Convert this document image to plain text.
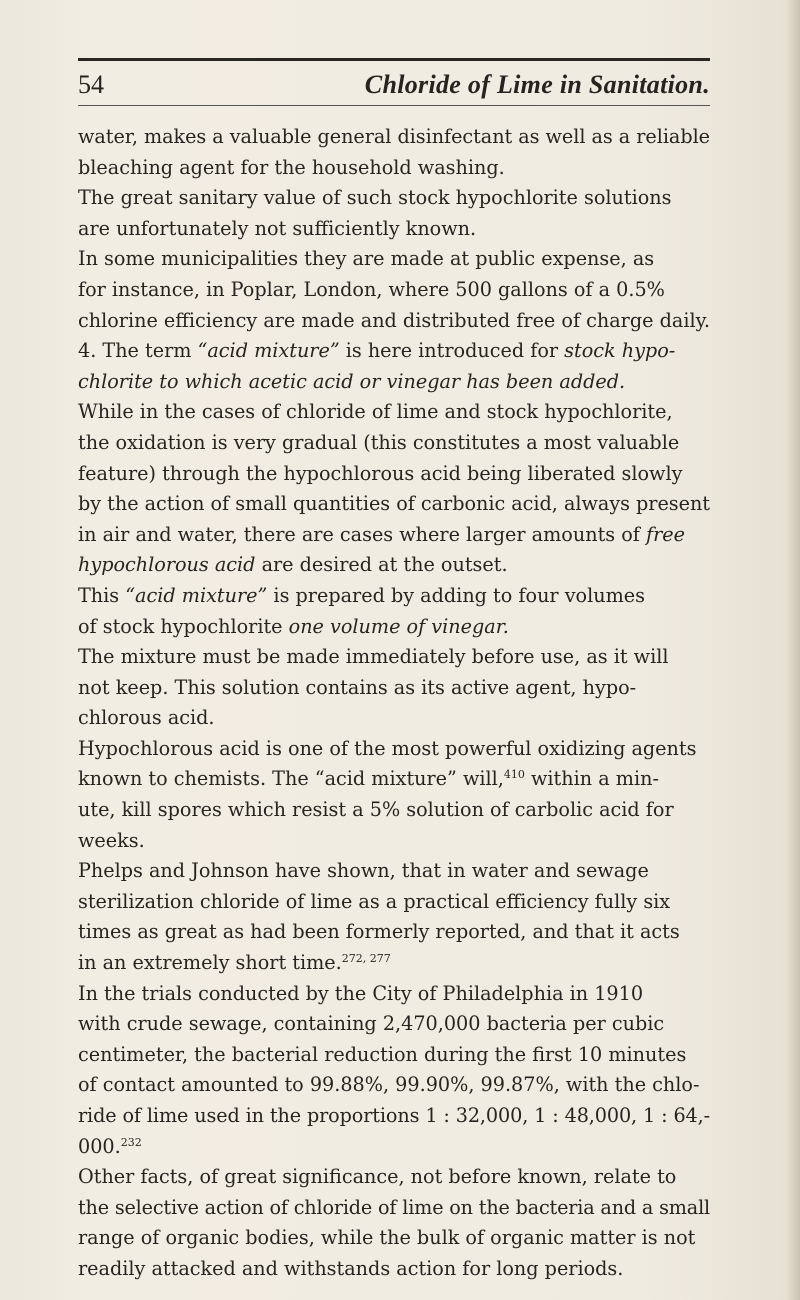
54	Chloride of Lime in Sanitation.

water, makes a valuable general disinfectant as well as a reliable
bleaching agent for the household washing.

The great sanitary value of such stock hypochlorite solutions
are unfortunately not sufficiently known.

In some municipalities they are made at public expense, as
for instance, in Poplar, London, where 500 gallons of a 0.5%
chlorine efficiency are made and distributed free of charge daily.

4. The term “acid mixture” is here introduced for stock hypo-
chlorite to which acetic acid or vinegar has been added.

While in the cases of chloride of lime and stock hypochlorite,
the oxidation is very gradual (this constitutes a most valuable
feature) through the hypochlorous acid being liberated slowly
by the action of small quantities of carbonic acid, always present
in air and water, there are cases where larger amounts of free
hypochlorous acid are desired at the outset.

This “acid mixture” is prepared by adding to four volumes
of stock hypochlorite one volume of vinegar.

The mixture must be made immediately before use, as it will
not keep. This solution contains as its active agent, hypo-
chlorous acid.

Hypochlorous acid is one of the most powerful oxidizing agents
known to chemists. The “acid mixture” will,$^{410}$ within a min-
ute, kill spores which resist a 5% solution of carbolic acid for
weeks.

Phelps and Johnson have shown, that in water and sewage
sterilization chloride of lime as a practical efficiency fully six
times as great as had been formerly reported, and that it acts
in an extremely short time.$^{272, 277}$

In the trials conducted by the City of Philadelphia in 1910
with crude sewage, containing 2,470,000 bacteria per cubic
centimeter, the bacterial reduction during the first 10 minutes
of contact amounted to 99.88%, 99.90%, 99.87%, with the chlo-
ride of lime used in the proportions 1 : 32,000, 1 : 48,000, 1 : 64,-
000.$^{232}$

Other facts, of great significance, not before known, relate to
the selective action of chloride of lime on the bacteria and a small
range of organic bodies, while the bulk of organic matter is not
readily attacked and withstands action for long periods.
